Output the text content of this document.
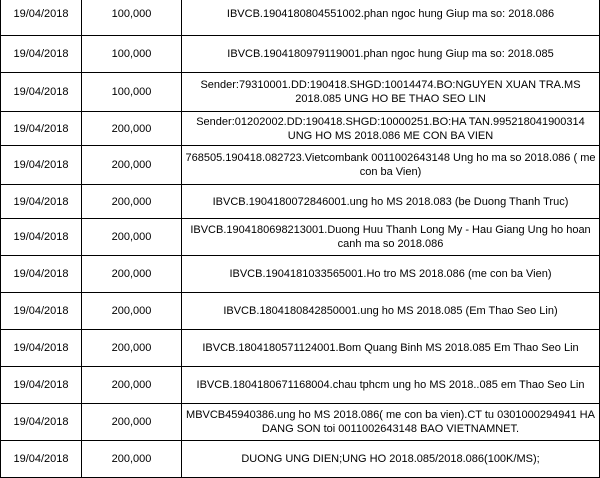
19/04/2018	100,000	IBVCB.1904180804551002.phan ngoc hung Giup ma so: 2018.086
19/04/2018	100,000	IBVCB.1904180979119001.phan ngoc hung Giup ma so: 2018.085
19/04/2018	100,000	Sender:79310001.DD:190418.SHGD:10014474.BO:NGUYEN XUAN TRA.MS 2018.085 UNG HO BE THAO SEO LIN
19/04/2018	200,000	Sender:01202002.DD:190418.SHGD:10000251.BO:HA TAN.995218041900314 UNG HO MS 2018.086 ME CON BA VIEN
19/04/2018	200,000	768505.190418.082723.Vietcombank 0011002643148 Ung ho ma so 2018.086 ( me con ba Vien)
19/04/2018	200,000	IBVCB.1904180072846001.ung ho MS 2018.083 (be Duong Thanh Truc)
19/04/2018	200,000	IBVCB.1904180698213001.Duong Huu Thanh Long My - Hau Giang Ung ho hoan canh ma so 2018.086
19/04/2018	200,000	IBVCB.1904181033565001.Ho tro MS 2018.086 (me con ba Vien)
19/04/2018	200,000	IBVCB.1804180842850001.ung ho MS 2018.085 (Em Thao Seo Lin)
19/04/2018	200,000	IBVCB.1804180571124001.Bom Quang Binh MS 2018.085 Em Thao Seo Lin
19/04/2018	200,000	IBVCB.1804180671168004.chau tphcm ung ho MS 2018..085 em Thao Seo Lin
19/04/2018	200,000	MBVCB45940386.ung ho MS 2018.086( me con ba vien).CT tu 0301000294941 HA DANG SON toi 0011002643148 BAO VIETNAMNET.
19/04/2018	200,000	DUONG UNG DIEN;UNG HO 2018.085/2018.086(100K/MS);
